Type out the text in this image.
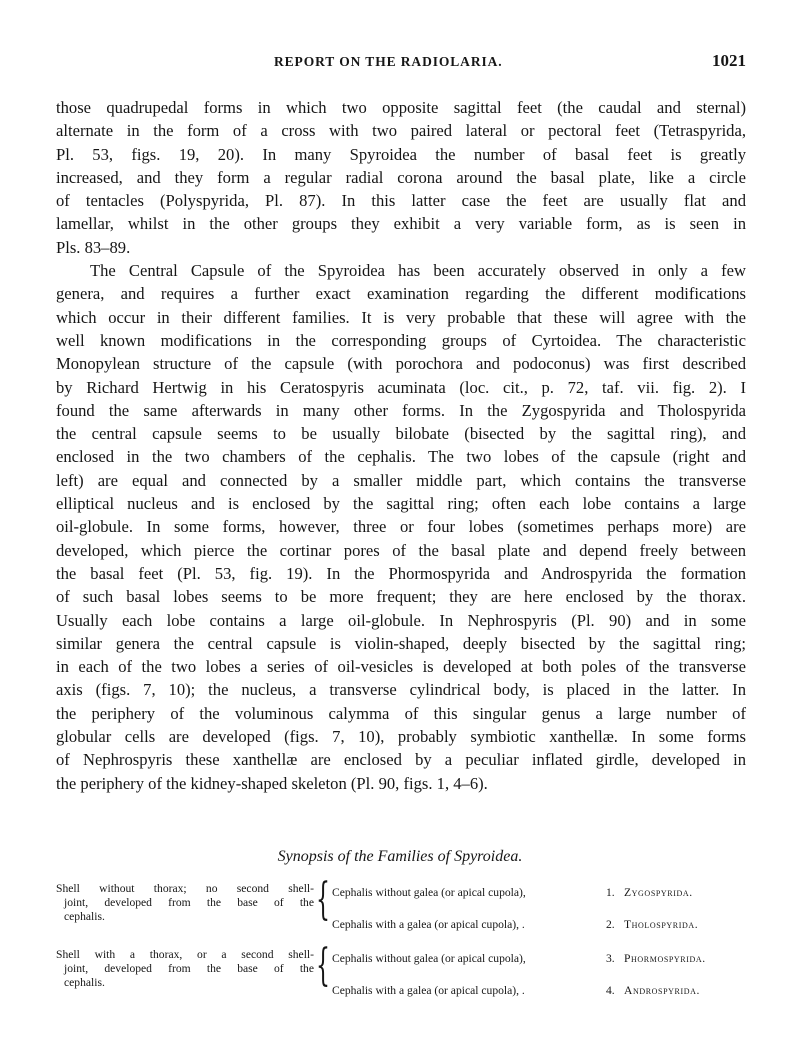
REPORT ON THE RADIOLARIA.	1021
those quadrupedal forms in which two opposite sagittal feet (the caudal and sternal)
alternate in the form of a cross with two paired lateral or pectoral feet (Tetraspyrida,
Pl. 53, figs. 19, 20). In many Spyroidea the number of basal feet is greatly
increased, and they form a regular radial corona around the basal plate, like a circle
of tentacles (Polyspyrida, Pl. 87). In this latter case the feet are usually flat and
lamellar, whilst in the other groups they exhibit a very variable form, as is seen in
Pls. 83–89.
The Central Capsule of the Spyroidea has been accurately observed in only a few
genera, and requires a further exact examination regarding the different modifications
which occur in their different families. It is very probable that these will agree with the
well known modifications in the corresponding groups of Cyrtoidea. The characteristic
Monopylean structure of the capsule (with porochora and podoconus) was first described
by Richard Hertwig in his Ceratospyris acuminata (loc. cit., p. 72, taf. vii. fig. 2). I
found the same afterwards in many other forms. In the Zygospyrida and Tholospyrida
the central capsule seems to be usually bilobate (bisected by the sagittal ring), and
enclosed in the two chambers of the cephalis. The two lobes of the capsule (right and
left) are equal and connected by a smaller middle part, which contains the transverse
elliptical nucleus and is enclosed by the sagittal ring; often each lobe contains a large
oil-globule. In some forms, however, three or four lobes (sometimes perhaps more) are
developed, which pierce the cortinar pores of the basal plate and depend freely between
the basal feet (Pl. 53, fig. 19). In the Phormospyrida and Androspyrida the formation
of such basal lobes seems to be more frequent; they are here enclosed by the thorax.
Usually each lobe contains a large oil-globule. In Nephrospyris (Pl. 90) and in some
similar genera the central capsule is violin-shaped, deeply bisected by the sagittal ring;
in each of the two lobes a series of oil-vesicles is developed at both poles of the transverse
axis (figs. 7, 10); the nucleus, a transverse cylindrical body, is placed in the latter. In
the periphery of the voluminous calymma of this singular genus a large number of
globular cells are developed (figs. 7, 10), probably symbiotic xanthellæ. In some forms
of Nephrospyris these xanthellæ are enclosed by a peculiar inflated girdle, developed in
the periphery of the kidney-shaped skeleton (Pl. 90, figs. 1, 4–6).
Synopsis of the Families of Spyroidea.
Shell without thorax; no second shell-
joint, developed from the base of the
cephalis.	{ Cephalis without galea (or apical cupola),	1. Zygospyrida.
Cephalis with a galea (or apical cupola), .	2. Tholospyrida.
Shell with a thorax, or a second shell-
joint, developed from the base of the
cephalis.	{ Cephalis without galea (or apical cupola),	3. Phormospyrida.
Cephalis with a galea (or apical cupola), .	4. Androspyrida.
